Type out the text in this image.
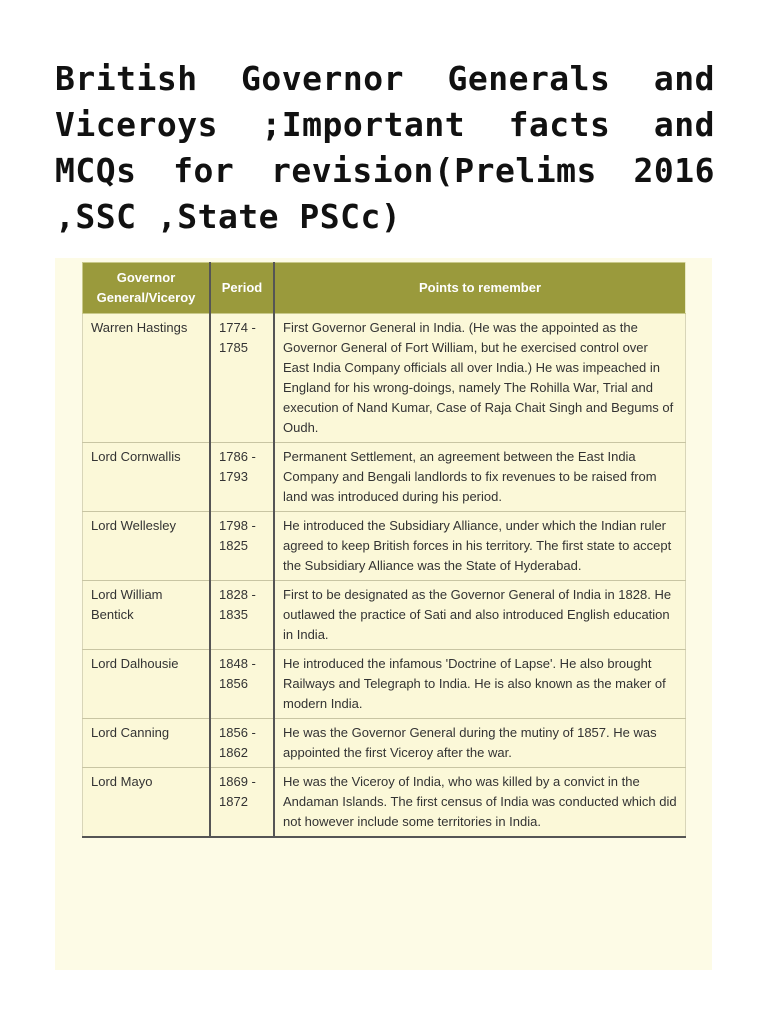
British Governor Generals and Viceroys ;Important facts and MCQs for revision(Prelims 2016 ,SSC ,State PSCc)
Governor General/Viceroy	Period	Points to remember
Warren Hastings	1774 - 1785	First Governor General in India. (He was the appointed as the Governor General of Fort William, but he exercised control over East India Company officials all over India.) He was impeached in England for his wrong-doings, namely The Rohilla War, Trial and execution of Nand Kumar, Case of Raja Chait Singh and Begums of Oudh.
Lord Cornwallis	1786 - 1793	Permanent Settlement, an agreement between the East India Company and Bengali landlords to fix revenues to be raised from land was introduced during his period.
Lord Wellesley	1798 - 1825	He introduced the Subsidiary Alliance, under which the Indian ruler agreed to keep British forces in his territory. The first state to accept the Subsidiary Alliance was the State of Hyderabad.
Lord William Bentick	1828 - 1835	First to be designated as the Governor General of India in 1828. He outlawed the practice of Sati and also introduced English education in India.
Lord Dalhousie	1848 - 1856	He introduced the infamous 'Doctrine of Lapse'. He also brought Railways and Telegraph to India. He is also known as the maker of modern India.
Lord Canning	1856 - 1862	He was the Governor General during the mutiny of 1857. He was appointed the first Viceroy after the war.
Lord Mayo	1869 - 1872	He was the Viceroy of India, who was killed by a convict in the Andaman Islands. The first census of India was conducted which did not however include some territories in India.
